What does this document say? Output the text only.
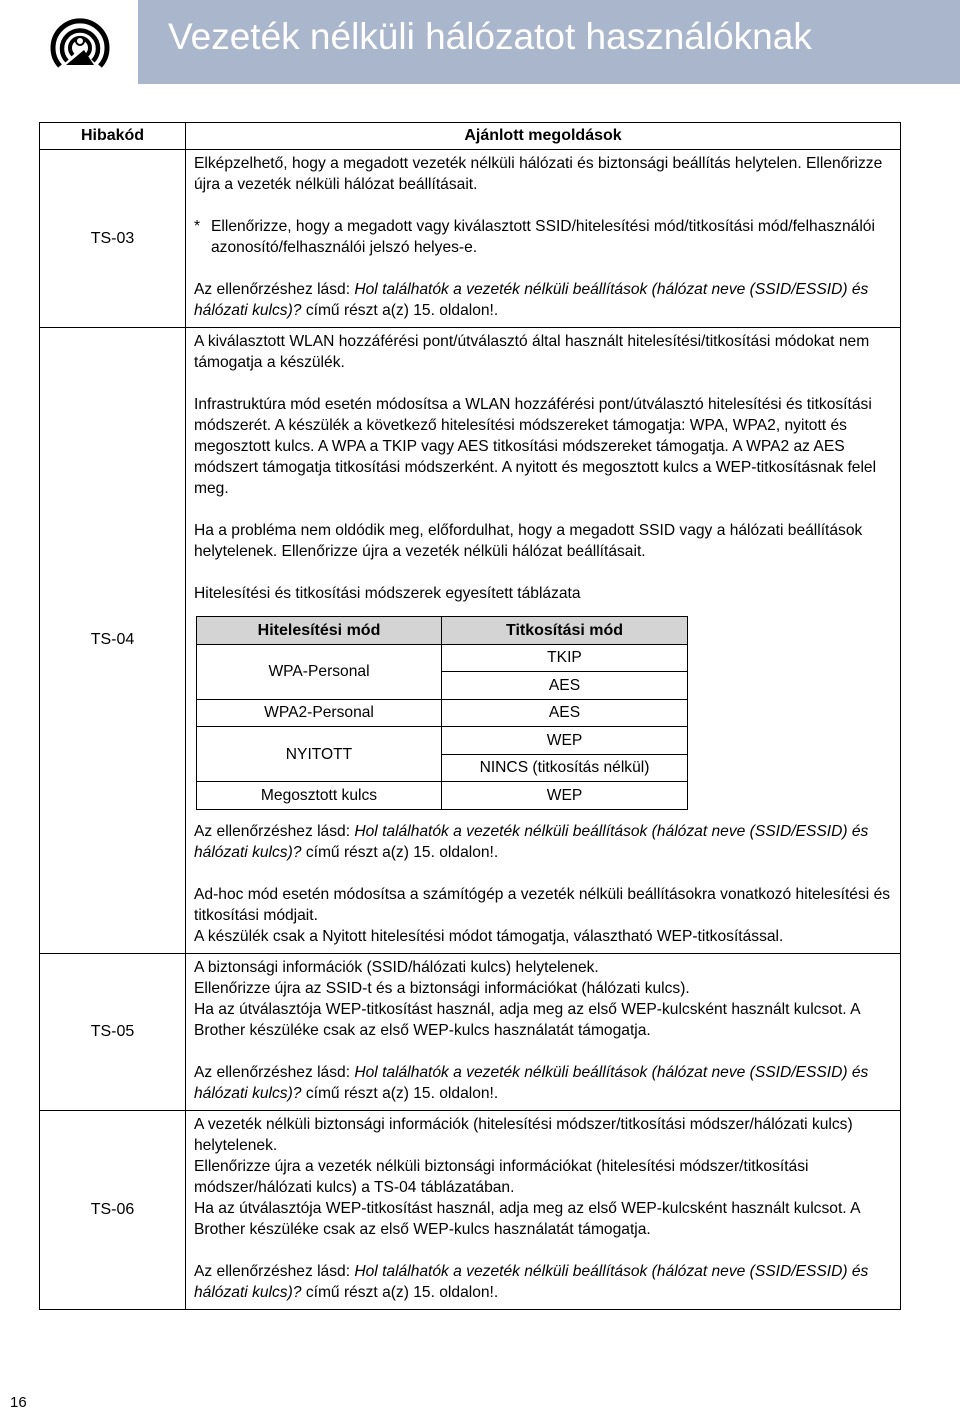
Vezeték nélküli hálózatot használóknak
Hibakód	Ajánlott megoldások
TS-03	

Elképzelhető, hogy a megadott vezeték nélküli hálózati és biztonsági beállítás helytelen. Ellenőrizze újra a vezeték nélküli hálózat beállításait.

* Ellenőrizze, hogy a megadott vagy kiválasztott SSID/hitelesítési mód/titkosítási mód/felhasználói azonosító/felhasználói jelszó helyes-e.

Az ellenőrzéshez lásd: Hol találhatók a vezeték nélküli beállítások (hálózat neve (SSID/ESSID) és hálózati kulcs)? című részt a(z) 15. oldalon!.

TS-04	

A kiválasztott WLAN hozzáférési pont/útválasztó által használt hitelesítési/titkosítási módokat nem támogatja a készülék.

Infrastruktúra mód esetén módosítsa a WLAN hozzáférési pont/útválasztó hitelesítési és titkosítási módszerét. A készülék a következő hitelesítési módszereket támogatja: WPA, WPA2, nyitott és megosztott kulcs. A WPA a TKIP vagy AES titkosítási módszereket támogatja. A WPA2 az AES módszert támogatja titkosítási módszerként. A nyitott és megosztott kulcs a WEP-titkosításnak felel meg.

Ha a probléma nem oldódik meg, előfordulhat, hogy a megadott SSID vagy a hálózati beállítások helytelenek. Ellenőrizze újra a vezeték nélküli hálózat beállításait.

Hitelesítési és titkosítási módszerek egyesített táblázata

Hitelesítési mód	Titkosítási mód
WPA-Personal	TKIP
AES
WPA2-Personal	AES
NYITOTT	WEP
NINCS (titkosítás nélkül)
Megosztott kulcs	WEP

Az ellenőrzéshez lásd: Hol találhatók a vezeték nélküli beállítások (hálózat neve (SSID/ESSID) és hálózati kulcs)? című részt a(z) 15. oldalon!.

Ad-hoc mód esetén módosítsa a számítógép a vezeték nélküli beállításokra vonatkozó hitelesítési és titkosítási módjait.

A készülék csak a Nyitott hitelesítési módot támogatja, választható WEP-titkosítással.

TS-05	

A biztonsági információk (SSID/hálózati kulcs) helytelenek.

Ellenőrizze újra az SSID-t és a biztonsági információkat (hálózati kulcs).

Ha az útválasztója WEP-titkosítást használ, adja meg az első WEP-kulcsként használt kulcsot. A Brother készüléke csak az első WEP-kulcs használatát támogatja.

Az ellenőrzéshez lásd: Hol találhatók a vezeték nélküli beállítások (hálózat neve (SSID/ESSID) és hálózati kulcs)? című részt a(z) 15. oldalon!.

TS-06	

A vezeték nélküli biztonsági információk (hitelesítési módszer/titkosítási módszer/hálózati kulcs) helytelenek.

Ellenőrizze újra a vezeték nélküli biztonsági információkat (hitelesítési módszer/titkosítási módszer/hálózati kulcs) a TS-04 táblázatában.

Ha az útválasztója WEP-titkosítást használ, adja meg az első WEP-kulcsként használt kulcsot. A Brother készüléke csak az első WEP-kulcs használatát támogatja.

Az ellenőrzéshez lásd: Hol találhatók a vezeték nélküli beállítások (hálózat neve (SSID/ESSID) és hálózati kulcs)? című részt a(z) 15. oldalon!.

16
